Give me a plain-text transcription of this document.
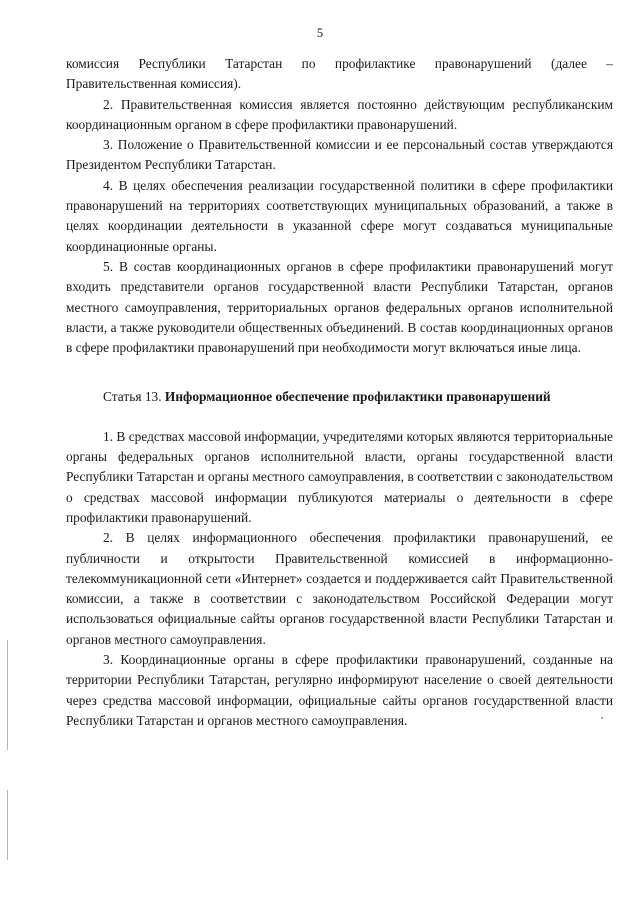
5

комиссия Республики Татарстан по профилактике правонарушений (далее – Правительственная комиссия).

2. Правительственная комиссия является постоянно действующим республиканским координационным органом в сфере профилактики правонарушений.

3. Положение о Правительственной комиссии и ее персональный состав утверждаются Президентом Республики Татарстан.

4. В целях обеспечения реализации государственной политики в сфере профилактики правонарушений на территориях соответствующих муниципальных образований, а также в целях координации деятельности в указанной сфере могут создаваться муниципальные координационные органы.

5. В состав координационных органов в сфере профилактики правонарушений могут входить представители органов государственной власти Республики Татарстан, органов местного самоуправления, территориальных органов федеральных органов исполнительной власти, а также руководители общественных объединений. В состав координационных органов в сфере профилактики правонарушений при необходимости могут включаться иные лица.

Статья 13. Информационное обеспечение профилактики правонарушений

1. В средствах массовой информации, учредителями которых являются территориальные органы федеральных органов исполнительной власти, органы государственной власти Республики Татарстан и органы местного самоуправления, в соответствии с законодательством о средствах массовой информации публикуются материалы о деятельности в сфере профилактики правонарушений.

2. В целях информационного обеспечения профилактики правонарушений, ее публичности и открытости Правительственной комиссией в информационно-телекоммуникационной сети «Интернет» создается и поддерживается сайт Правительственной комиссии, а также в соответствии с законодательством Российской Федерации могут использоваться официальные сайты органов государственной власти Республики Татарстан и органов местного самоуправления.

3. Координационные органы в сфере профилактики правонарушений, созданные на территории Республики Татарстан, регулярно информируют население о своей деятельности через средства массовой информации, официальные сайты органов государственной власти Республики Татарстан и органов местного самоуправления.
